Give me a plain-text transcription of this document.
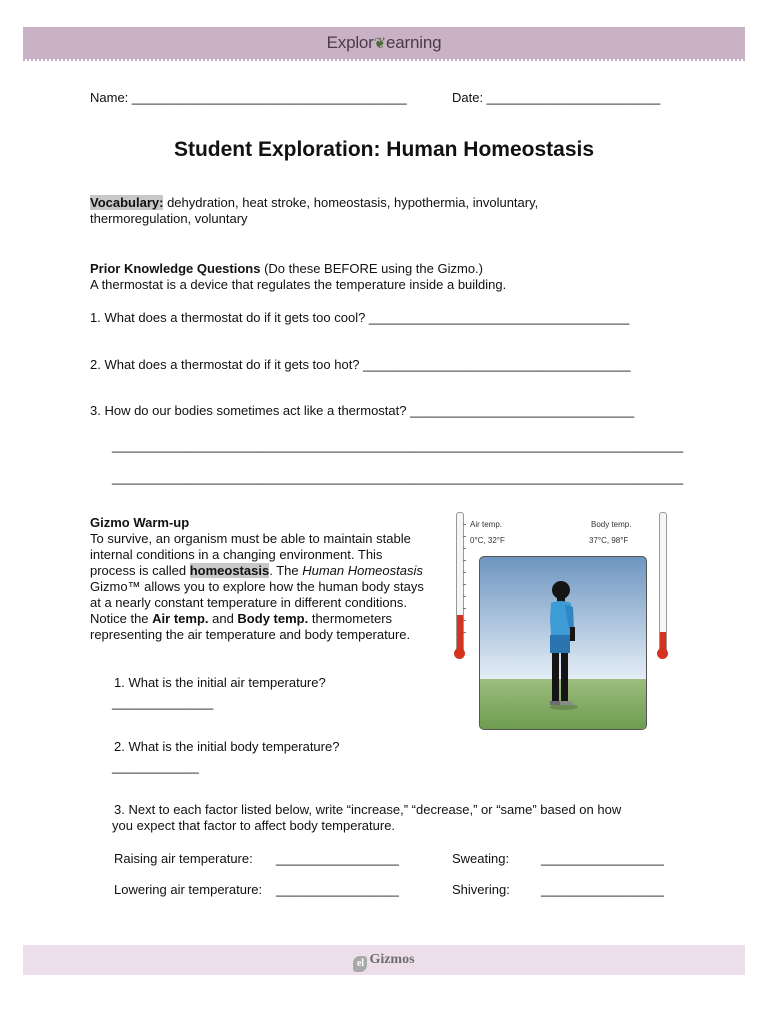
Explor❦earning
Name: ______________________________________	Date: ________________________
Student Exploration: Human Homeostasis
Vocabulary: dehydration, heat stroke, homeostasis, hypothermia, involuntary,
thermoregulation, voluntary
Prior Knowledge Questions (Do these BEFORE using the Gizmo.)
A thermostat is a device that regulates the temperature inside a building.
1. What does a thermostat do if it gets too cool? ____________________________________
2. What does a thermostat do if it gets too hot? _____________________________________
3. How do our bodies sometimes act like a thermostat? _______________________________
_______________________________________________________________________________
_______________________________________________________________________________
Gizmo Warm-up
To survive, an organism must be able to maintain stable internal conditions in a changing environment. This process is called homeostasis. The Human Homeostasis Gizmo™ allows you to explore how the human body stays at a nearly constant temperature in different conditions. Notice the Air temp. and Body temp. thermometers representing the air temperature and body temperature.
Air temp.
0°C, 32°F
Body temp.
37°C, 98°F
1. What is the initial air temperature?
______________
2. What is the initial body temperature?
____________
3. Next to each factor listed below, write “increase,” “decrease,” or “same” based on how
you expect that factor to affect body temperature.
Raising air temperature: _________________	Sweating: _________________
Lowering air temperature: _________________	Shivering: _________________
el Gizmos
